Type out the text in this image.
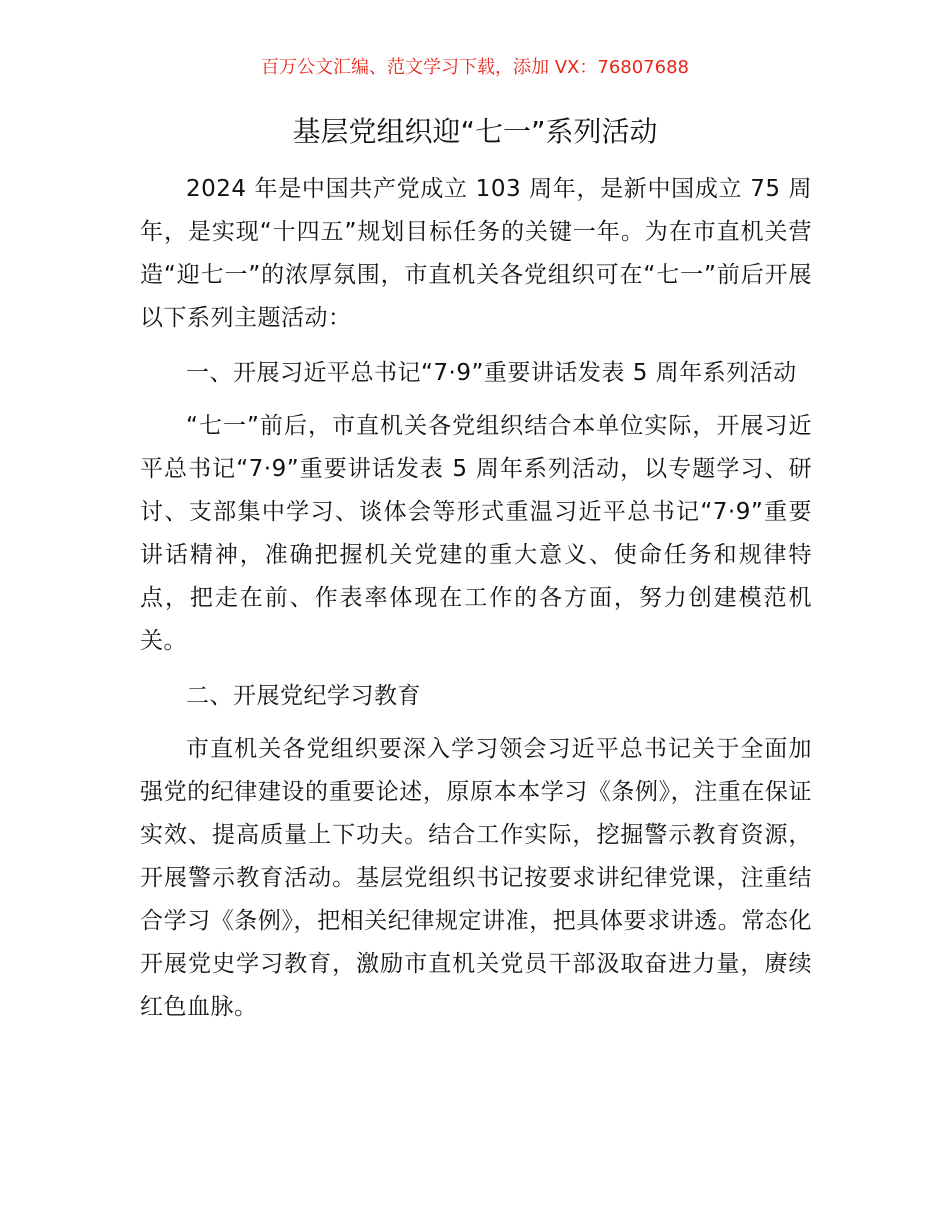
百万公文汇编、范文学习下载，添加 VX：76807688
基层党组织迎“七一”系列活动

2024 年是中国共产党成立 103 周年，是新中国成立 75 周年，是实现“十四五”规划目标任务的关键一年。为在市直机关营造“迎七一”的浓厚氛围，市直机关各党组织可在“七一”前后开展以下系列主题活动：

一、开展习近平总书记“7·9”重要讲话发表 5 周年系列活动

“七一”前后，市直机关各党组织结合本单位实际，开展习近平总书记“7·9”重要讲话发表 5 周年系列活动，以专题学习、研讨、支部集中学习、谈体会等形式重温习近平总书记“7·9”重要讲话精神，准确把握机关党建的重大意义、使命任务和规律特点，把走在前、作表率体现在工作的各方面，努力创建模范机关。

二、开展党纪学习教育

市直机关各党组织要深入学习领会习近平总书记关于全面加强党的纪律建设的重要论述，原原本本学习《条例》，注重在保证实效、提高质量上下功夫。结合工作实际，挖掘警示教育资源，开展警示教育活动。基层党组织书记按要求讲纪律党课，注重结合学习《条例》，把相关纪律规定讲准，把具体要求讲透。常态化开展党史学习教育，激励市直机关党员干部汲取奋进力量，赓续红色血脉。
